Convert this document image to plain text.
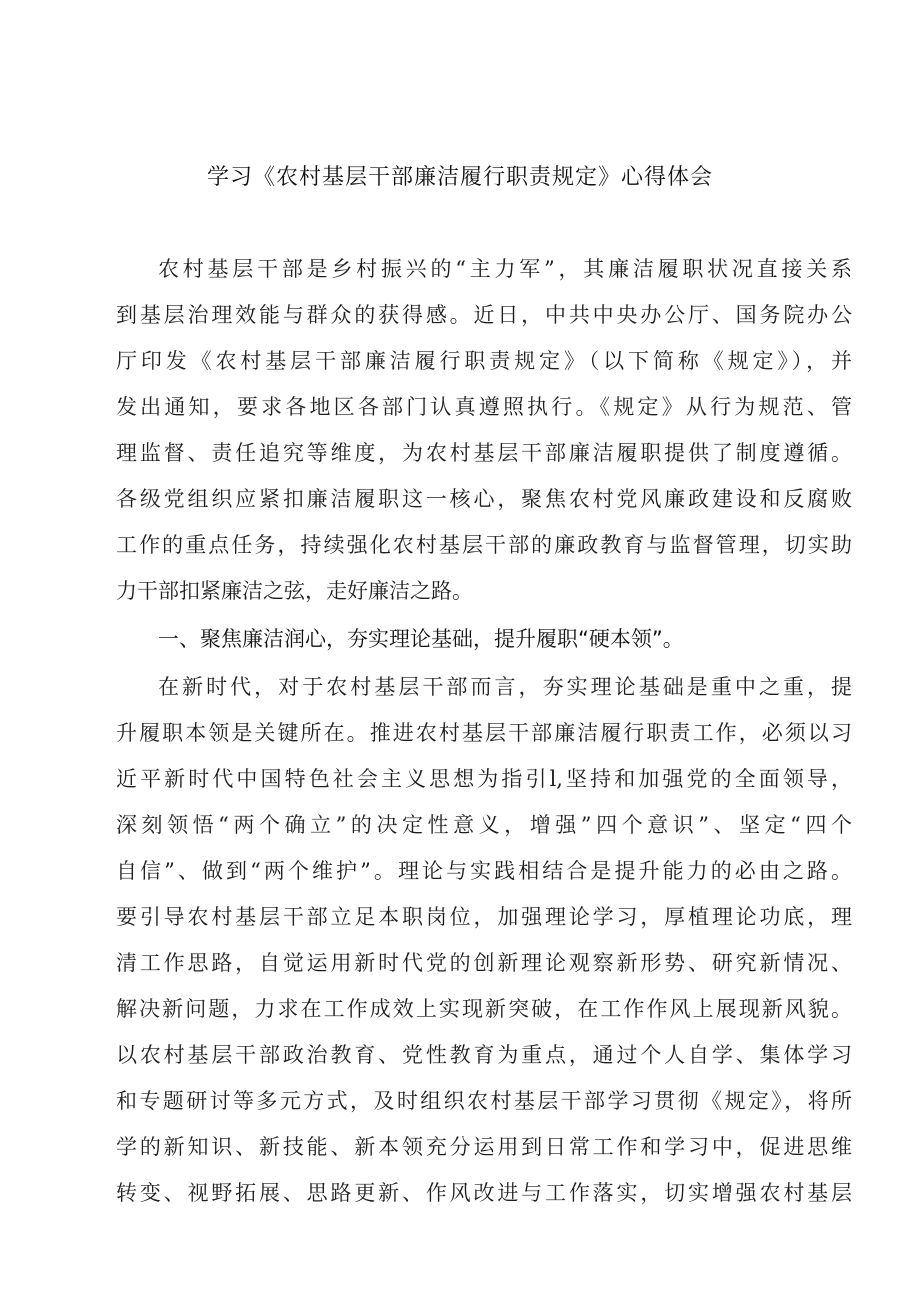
学习《农村基层干部廉洁履行职责规定》心得体会
农村基层干部是乡村振兴的“主力军”，其廉洁履职状况直接关系
到基层治理效能与群众的获得感。近日，中共中央办公厅、国务院办公
厅印发《农村基层干部廉洁履行职责规定》（以下简称《规定》），并
发出通知，要求各地区各部门认真遵照执行。《规定》从行为规范、管
理监督、责任追究等维度，为农村基层干部廉洁履职提供了制度遵循。
各级党组织应紧扣廉洁履职这一核心，聚焦农村党风廉政建设和反腐败
工作的重点任务，持续强化农村基层干部的廉政教育与监督管理，切实助
力干部扣紧廉洁之弦，走好廉洁之路。
一、聚焦廉洁润心，夯实理论基础，提升履职“硬本领”。
在新时代，对于农村基层干部而言，夯实理论基础是重中之重，提
升履职本领是关键所在。推进农村基层干部廉洁履行职责工作，必须以习
近平新时代中国特色社会主义思想为指引l,坚持和加强党的全面领导，
深刻领悟“两个确立”的决定性意义，增强”四个意识”、坚定“四个
自信”、做到“两个维护”。理论与实践相结合是提升能力的必由之路。
要引导农村基层干部立足本职岗位，加强理论学习，厚植理论功底，理
清工作思路，自觉运用新时代党的创新理论观察新形势、研究新情况、
解决新问题，力求在工作成效上实现新突破，在工作作风上展现新风貌。
以农村基层干部政治教育、党性教育为重点，通过个人自学、集体学习
和专题研讨等多元方式，及时组织农村基层干部学习贯彻《规定》，将所
学的新知识、新技能、新本领充分运用到日常工作和学习中，促进思维
转变、视野拓展、思路更新、作风改进与工作落实，切实增强农村基层
